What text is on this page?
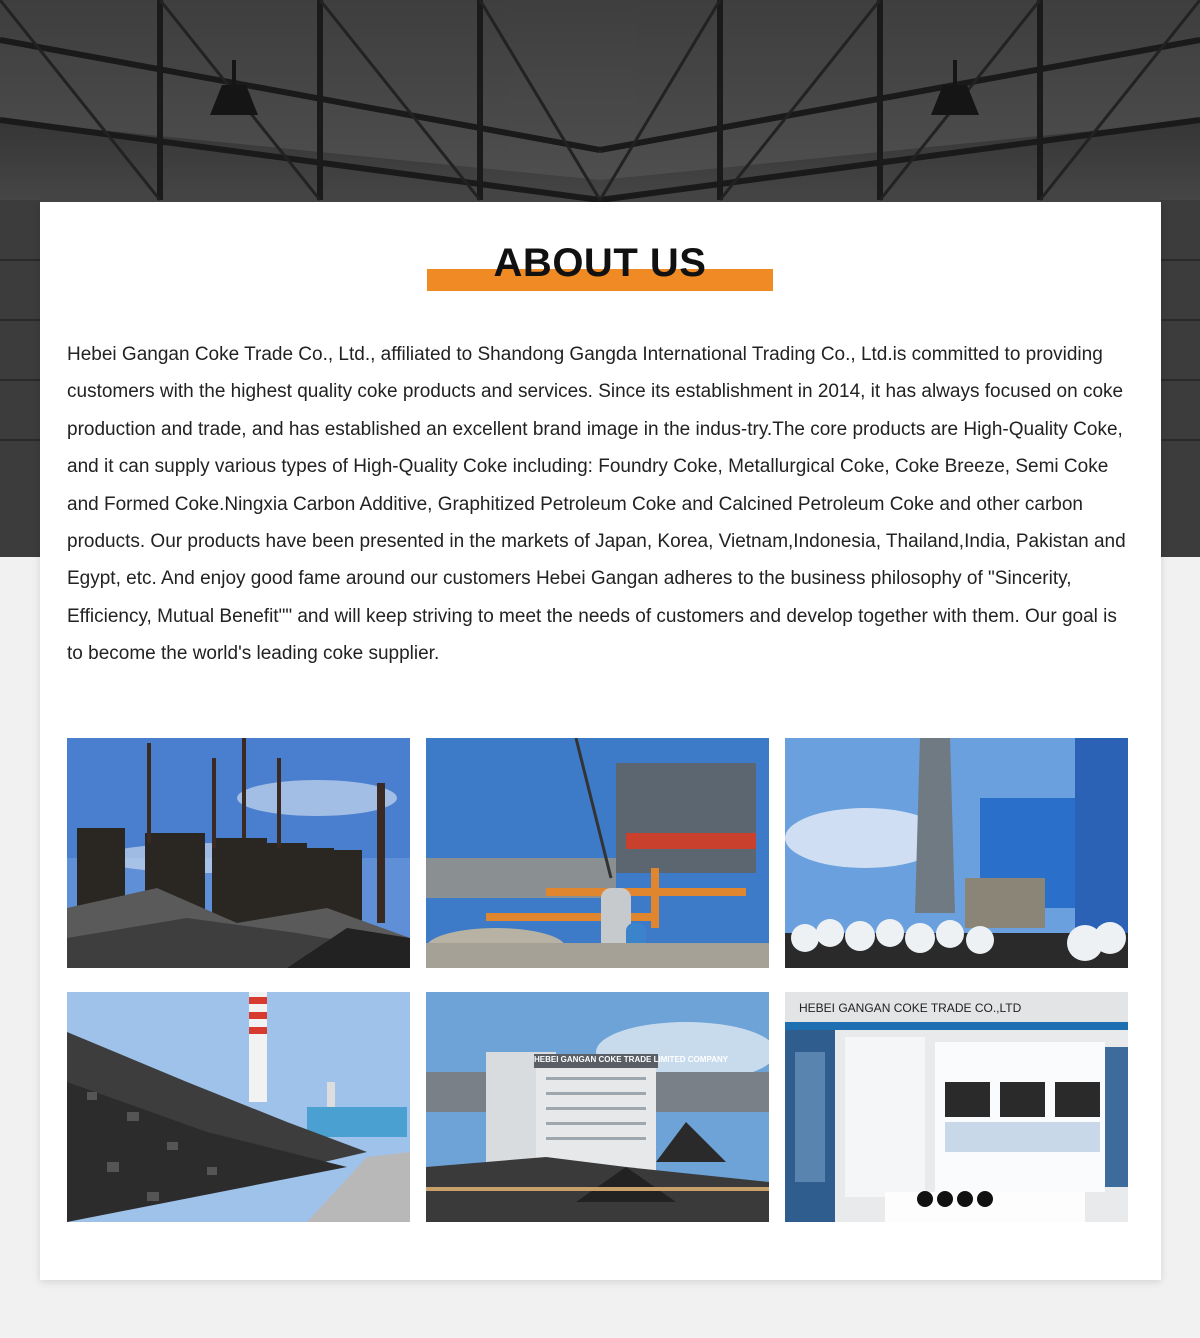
ABOUT US

Hebei Gangan Coke Trade Co., Ltd., affiliated to Shandong Gangda International Trading Co., Ltd.is committed to providing customers with the highest quality coke products and services. Since its establishment in 2014, it has always focused on coke production and trade, and has established an excellent brand image in the indus-try.The core products are High-Quality Coke, and it can supply various types of High-Quality Coke including: Foundry Coke, Metallurgical Coke, Coke Breeze, Semi Coke and Formed Coke.Ningxia Carbon Additive, Graphitized Petroleum Coke and Calcined Petroleum Coke and other carbon products. Our products have been presented in the markets of Japan, Korea, Vietnam,Indonesia, Thailand,India, Pakistan and Egypt, etc. And enjoy good fame around our customers Hebei Gangan adheres to the business philosophy of "Sincerity, Efficiency, Mutual Benefit"" and will keep striving to meet the needs of customers and develop together with them. Our goal is to become the world's leading coke supplier.

HEBEI GANGAN COKE TRADE LIMITED COMPANY
HEBEI GANGAN COKE TRADE CO.,LTD
